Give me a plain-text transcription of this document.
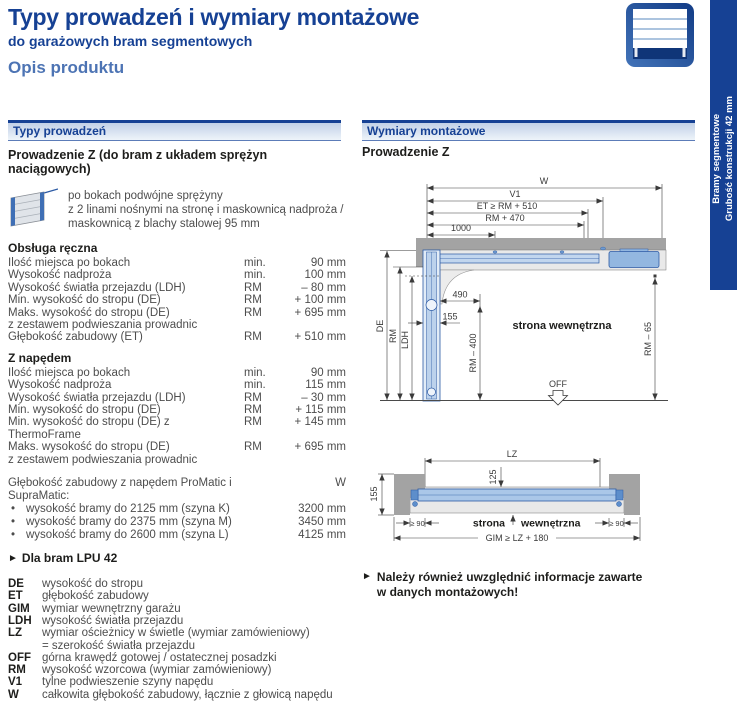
Typy prowadzeń i wymiary montażowe
do garażowych bram segmentowych
Opis produktu
Bramy segmentowe Grubość konstrukcji 42 mm
Typy prowadzeń
Prowadzenie Z (do bram z układem sprężyn naciągowych)
po bokach podwójne sprężyny
z 2 linami nośnymi na stronę i maskownicą nadproża /
maskownicą z blachy stalowej 95 mm
Obsługa ręczna
Ilość miejsca po bokach	min.	90 mm
Wysokość nadproża	min.	100 mm
Wysokość światła przejazdu (LDH)	RM	– 80 mm
Min. wysokość do stropu (DE)	RM	+ 100 mm
Maks. wysokość do stropu (DE)	RM	+ 695 mm
z zestawem podwieszania prowadnic
Głębokość zabudowy (ET)	RM	+ 510 mm
Z napędem
Ilość miejsca po bokach	min.	90 mm
Wysokość nadproża	min.	115 mm
Wysokość światła przejazdu (LDH)	RM	– 30 mm
Min. wysokość do stropu (DE)	RM	+ 115 mm
Min. wysokość do stropu (DE) z ThermoFrame
RM	+ 145 mm
Maks. wysokość do stropu (DE)	RM	+ 695 mm
z zestawem podwieszania prowadnic
Głębokość zabudowy z napędem ProMatic i SupraMatic:
W
• wysokość bramy do 2125 mm (szyna K)	3200 mm
• wysokość bramy do 2375 mm (szyna M)	3450 mm
• wysokość bramy do 2600 mm (szyna L)	4125 mm
► Dla bram LPU 42
DE	wysokość do stropu
ET	głębokość zabudowy
GIM	wymiar wewnętrzny garażu
LDH wysokość światła przejazdu
LZ	wymiar ościeżnicy w świetle (wymiar zamówieniowy)
= szerokość światła przejazdu
OFF górna krawędź gotowej / ostatecznej posadzki
RM	wysokość wzorcowa (wymiar zamówieniowy)
V1	tylne podwieszenie szyny napędu
W	całkowita głębokość zabudowy, łącznie z głowicą napędu
Wymiary montażowe
Prowadzenie Z
W
V1
ET ≥ RM + 510
RM + 470
1000
490
155
DE
RM LDH	RM – 400	RM – 65
strona wewnętrzna
OFF
LZ
125
155
≥ 90	≥ 90
strona wewnętrzna
GIM ≥ LZ + 180
► Należy również uwzględnić informacje zawarte
w danych montażowych!
